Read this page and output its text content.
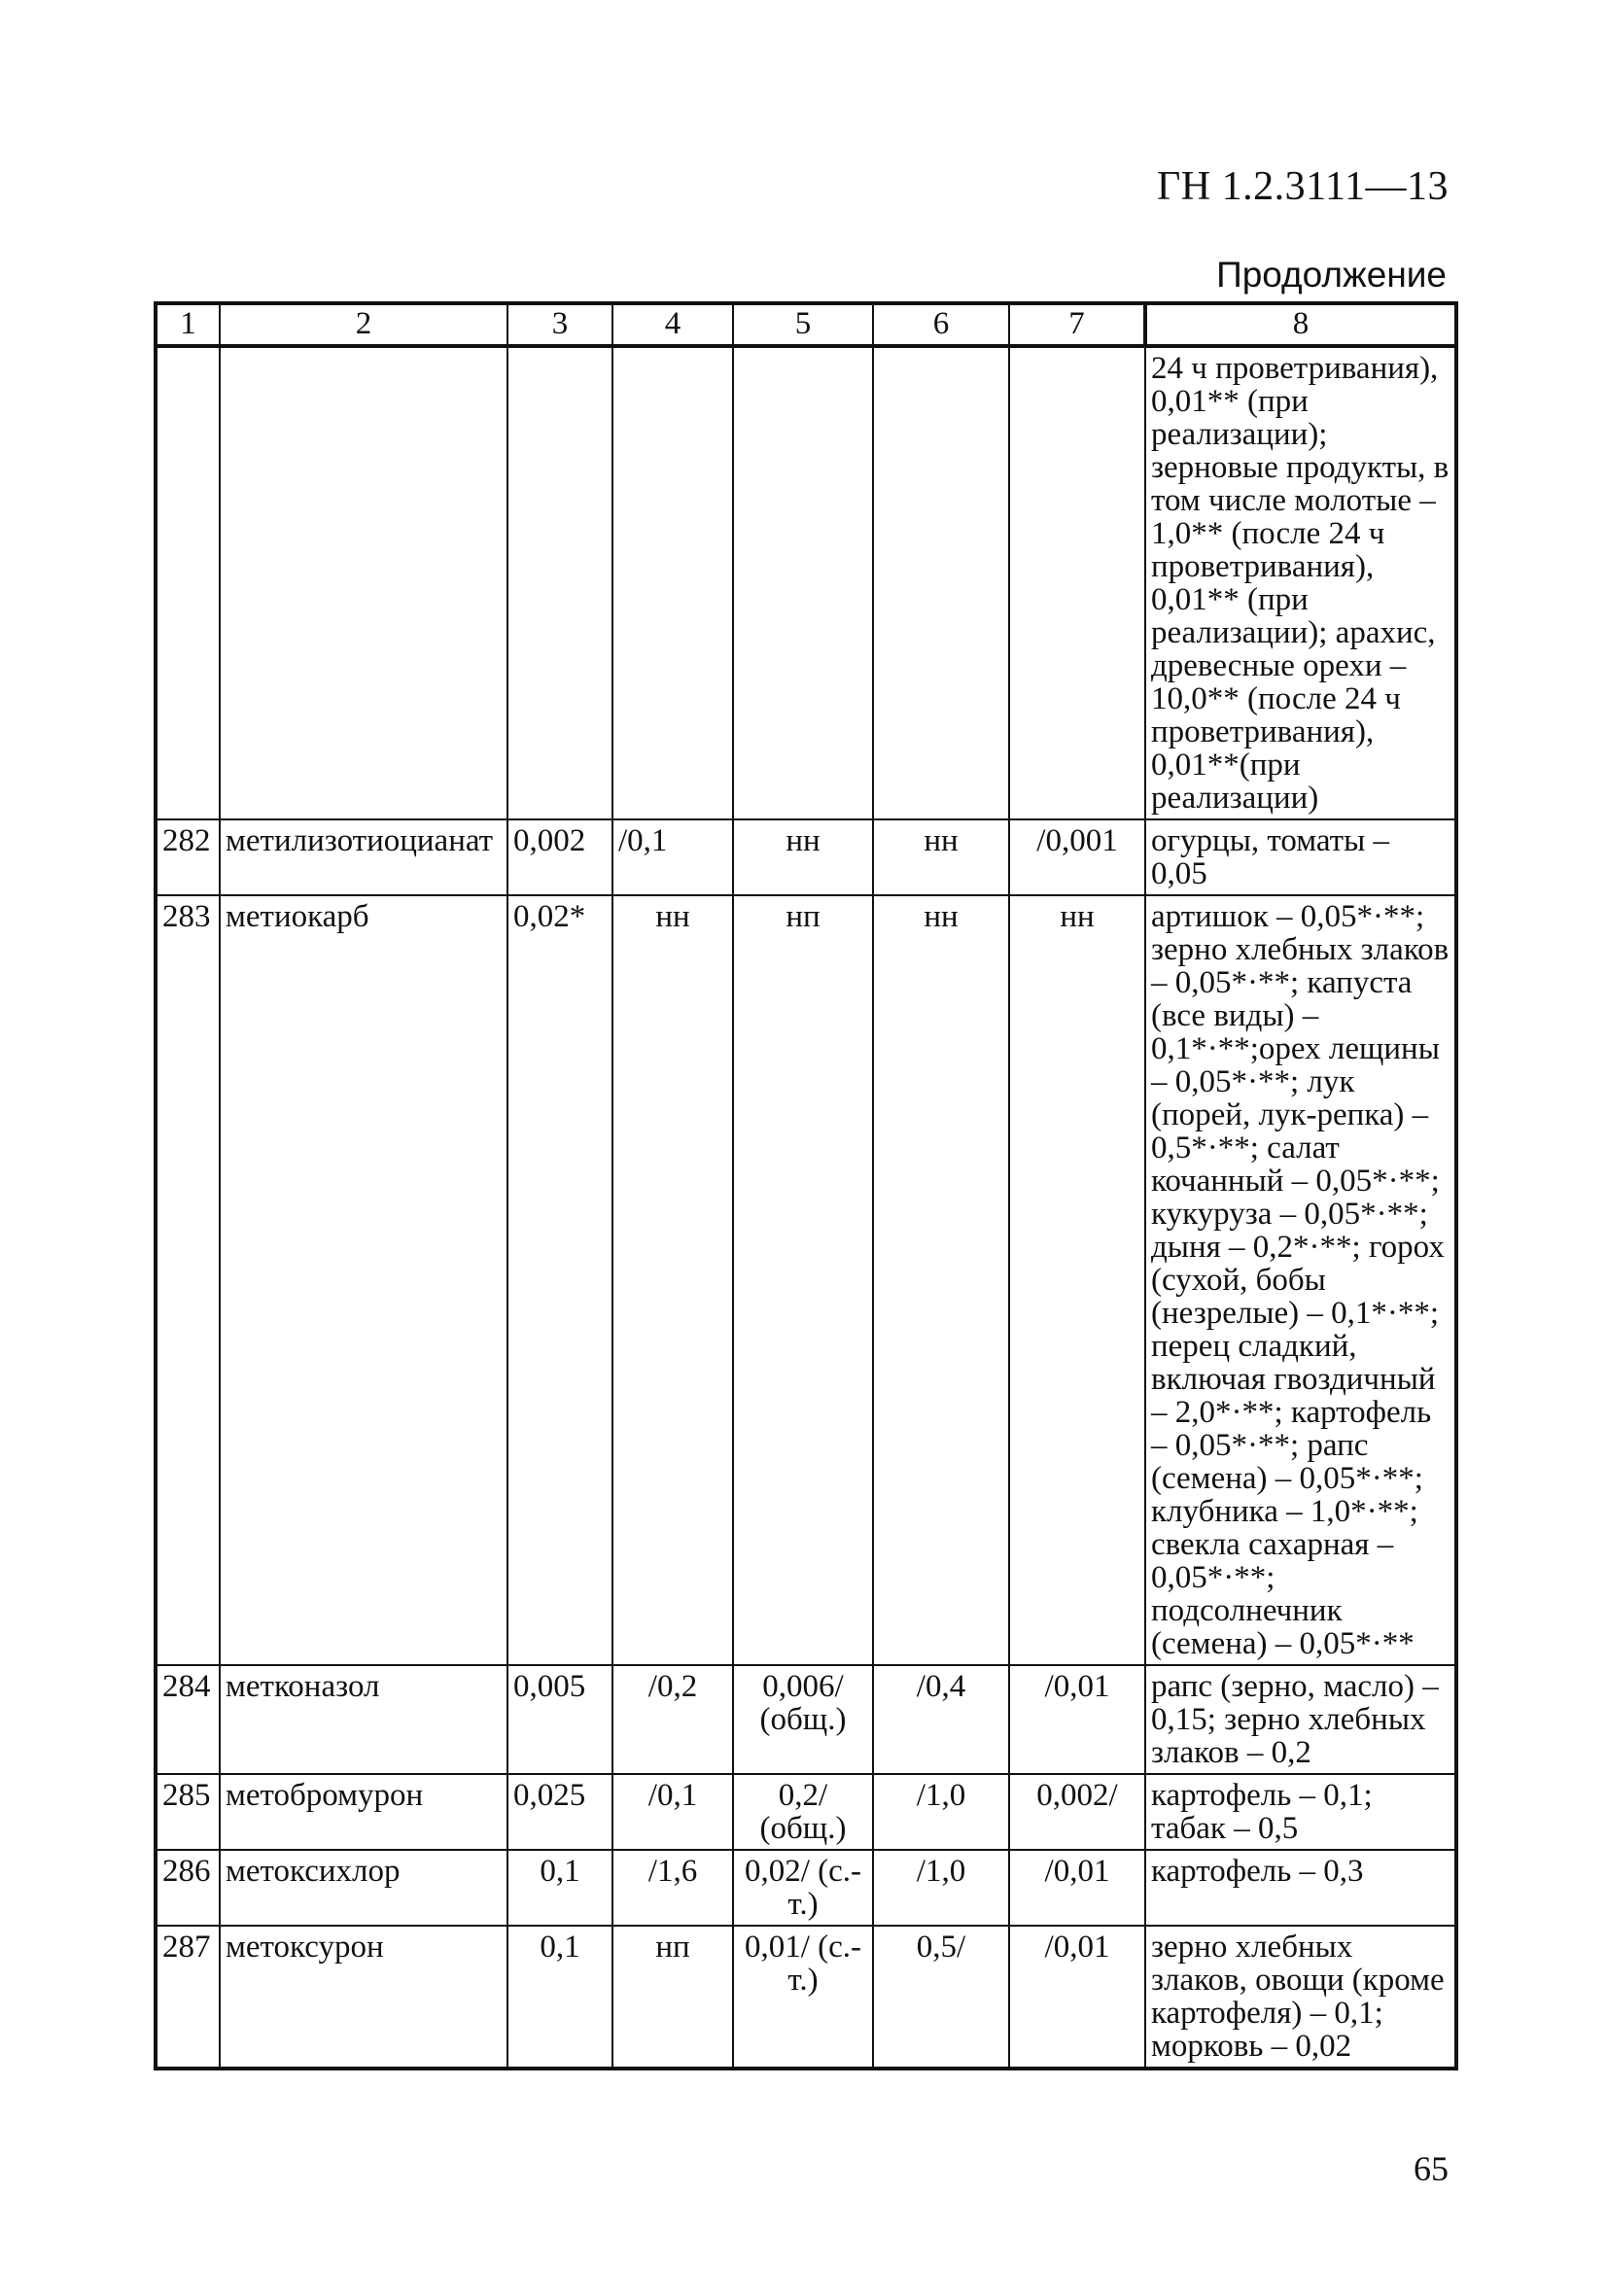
ГН 1.2.3111—13
Продолжение
1	2	3	4	5	6	7	8
							24 ч проветривания), 0,01** (при реализации); зерновые продукты, в том числе молотые – 1,0** (после 24 ч проветривания), 0,01** (при реализации); арахис, древесные орехи – 10,0** (после 24 ч проветривания), 0,01**(при реализации)
282	метилизотиоцианат	0,002	/0,1	нн	нн	/0,001	огурцы, томаты – 0,05
283	метиокарб	0,02*	нн	нп	нн	нн	артишок – 0,05*·**; зерно хлебных злаков – 0,05*·**; капуста (все виды) – 0,1*·**;орех лещины – 0,05*·**; лук (порей, лук-репка) – 0,5*·**; салат кочанный – 0,05*·**; кукуруза – 0,05*·**; дыня – 0,2*·**; горох (сухой, бобы (незрелые) – 0,1*·**; перец сладкий, включая гвоздичный – 2,0*·**; картофель – 0,05*·**; рапс (семена) – 0,05*·**; клубника – 1,0*·**; свекла сахарная – 0,05*·**; подсолнечник (семена) – 0,05*·**
284	метконазол	0,005	/0,2	0,006/ (общ.)	/0,4	/0,01	рапс (зерно, масло) – 0,15; зерно хлебных злаков – 0,2
285	метобромурон	0,025	/0,1	0,2/ (общ.)	/1,0	0,002/	картофель – 0,1; табак – 0,5
286	метоксихлор	0,1	/1,6	0,02/ (с.-т.)	/1,0	/0,01	картофель – 0,3
287	метоксурон	0,1	нп	0,01/ (с.-т.)	0,5/	/0,01	зерно хлебных злаков, овощи (кроме картофеля) – 0,1; морковь – 0,02
65
